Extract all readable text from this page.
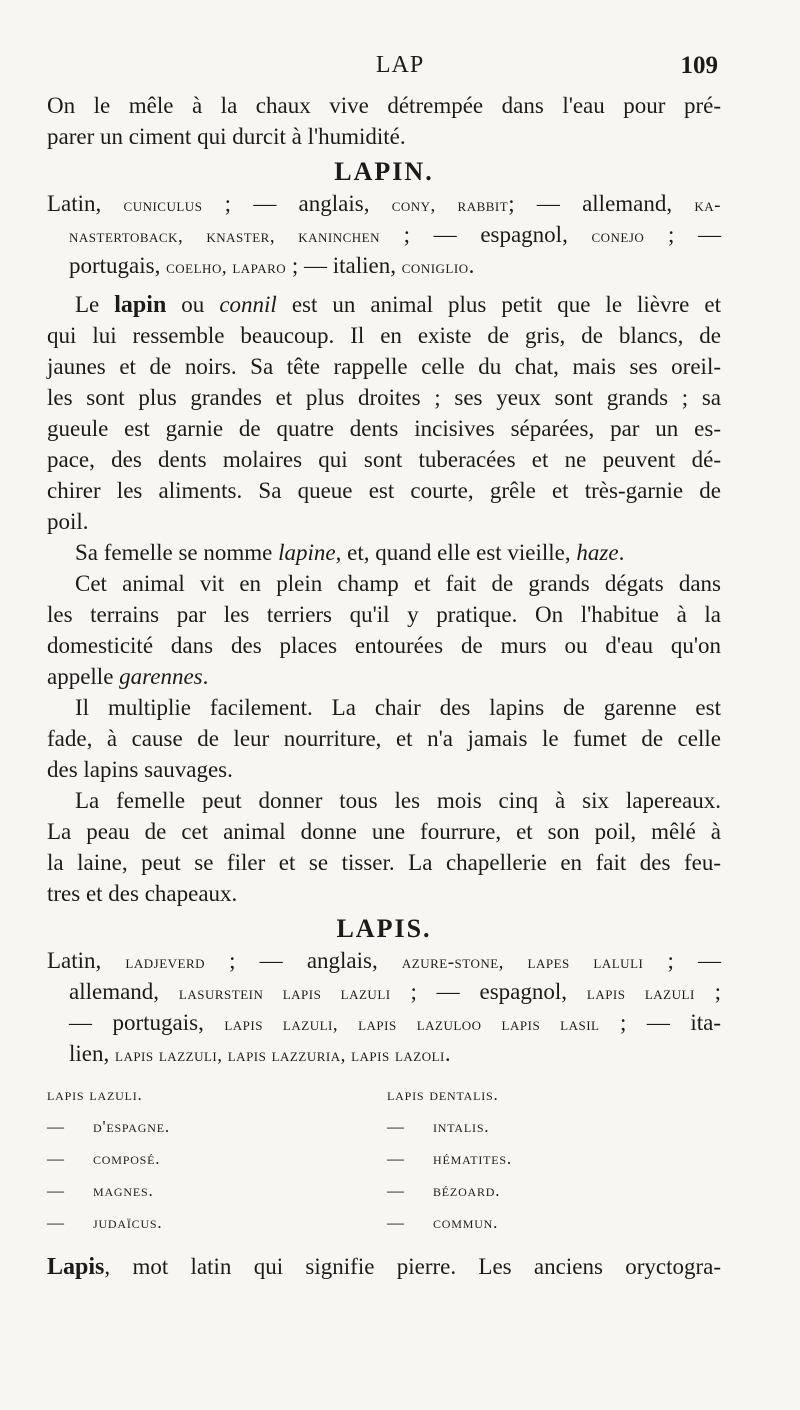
LAP	109
On le mêle à la chaux vive détrempée dans l'eau pour pré-
parer un ciment qui durcit à l'humidité.
LAPIN.
Latin, cuniculus ; — anglais, cony, rabbit; — allemand, ka-
nastertoback, knaster, kaninchen ; — espagnol, conejo ; —
portugais, coelho, laparo ; — italien, coniglio.
Le lapin ou connil est un animal plus petit que le lièvre et
qui lui ressemble beaucoup. Il en existe de gris, de blancs, de
jaunes et de noirs. Sa tête rappelle celle du chat, mais ses oreil-
les sont plus grandes et plus droites ; ses yeux sont grands ; sa
gueule est garnie de quatre dents incisives séparées, par un es-
pace, des dents molaires qui sont tuberacées et ne peuvent dé-
chirer les aliments. Sa queue est courte, grêle et très-garnie de
poil.
Sa femelle se nomme lapine, et, quand elle est vieille, haze.
Cet animal vit en plein champ et fait de grands dégats dans
les terrains par les terriers qu'il y pratique. On l'habitue à la
domesticité dans des places entourées de murs ou d'eau qu'on
appelle garennes.
Il multiplie facilement. La chair des lapins de garenne est
fade, à cause de leur nourriture, et n'a jamais le fumet de celle
des lapins sauvages.
La femelle peut donner tous les mois cinq à six lapereaux.
La peau de cet animal donne une fourrure, et son poil, mêlé à
la laine, peut se filer et se tisser. La chapellerie en fait des feu-
tres et des chapeaux.
LAPIS.
Latin, ladjeverd ; — anglais, azure-stone, lapes laluli ; —
allemand, lasurstein lapis lazuli ; — espagnol, lapis lazuli ;
— portugais, lapis lazuli, lapis lazuloo lapis lasil ; — ita-
lien, lapis lazzuli, lapis lazzuria, lapis lazoli.
lapis lazuli.	lapis dentalis.
— d'espagne.	— intalis.
— composé.	— hématites.
— magnes.	— bézoard.
— judaïcus.	— commun.
Lapis, mot latin qui signifie pierre. Les anciens oryctogra-
